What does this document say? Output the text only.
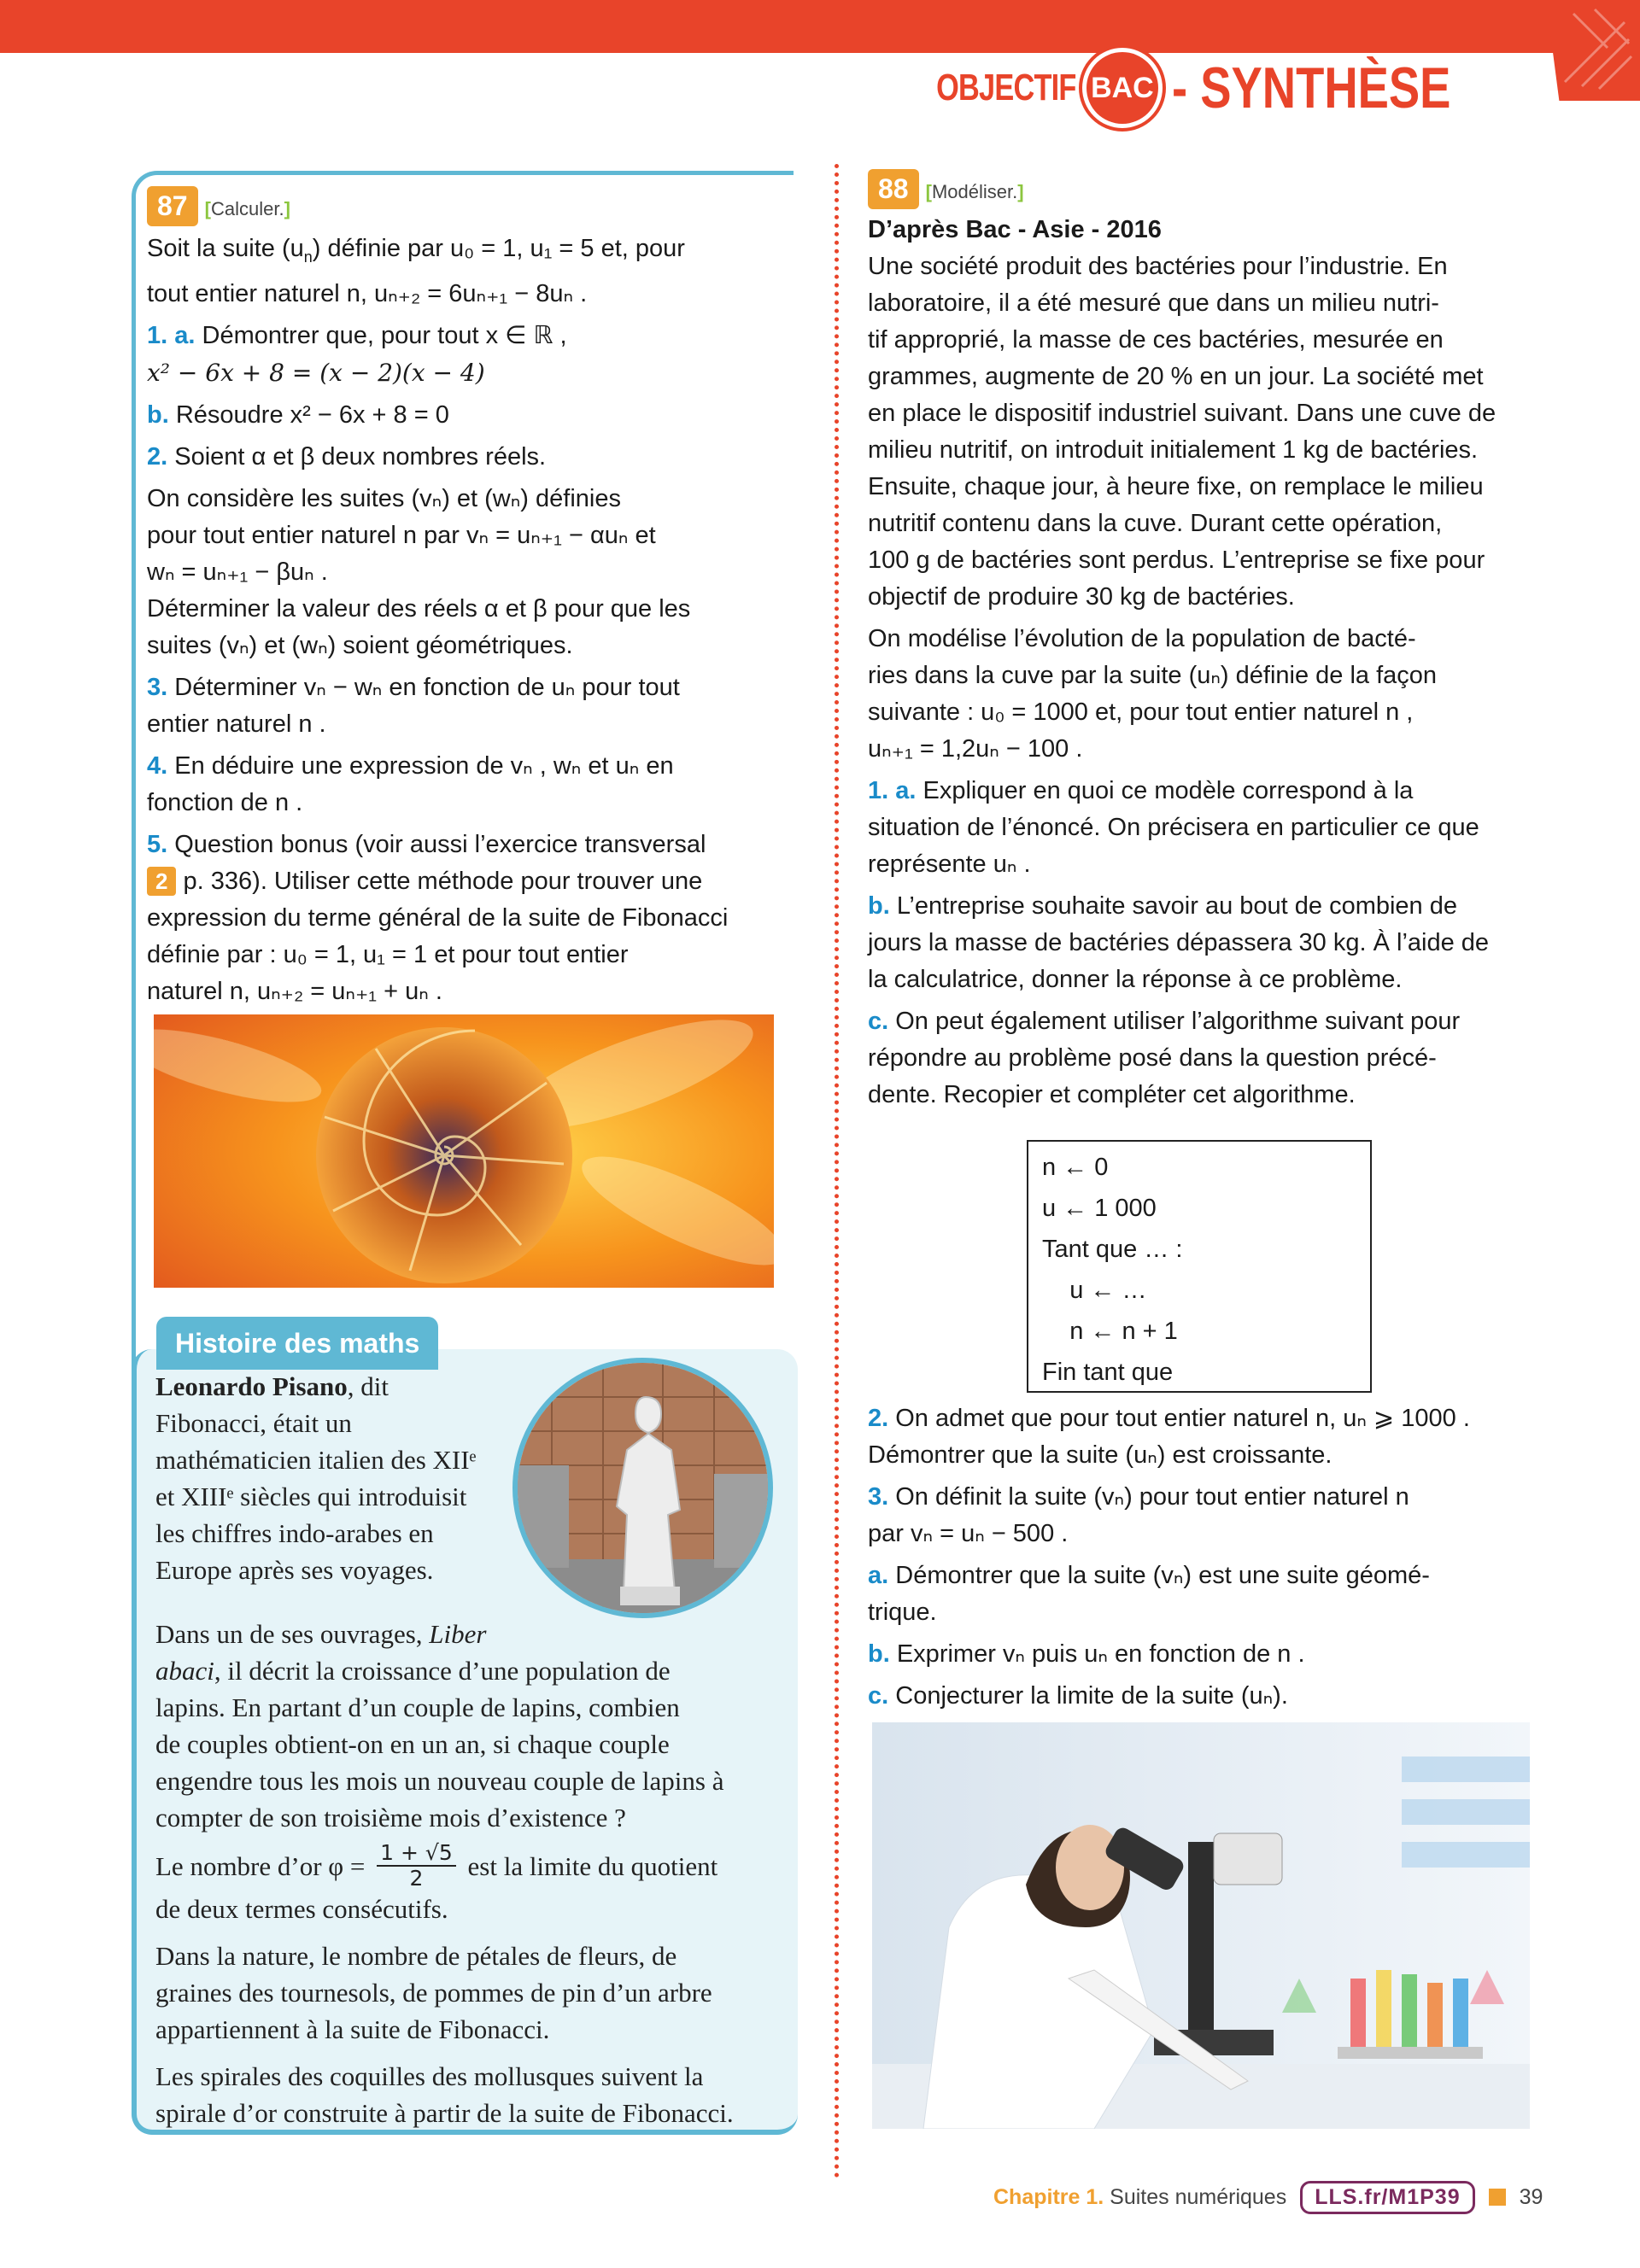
OBJECTIF BAC - SYNTHÈSE

87 [Calculer.]

Soit la suite $(u_n)$ définie par u₀ = 1, u₁ = 5 et, pour

tout entier naturel n, uₙ₊₂ = 6uₙ₊₁ − 8uₙ .

1. a. Démontrer que, pour tout x ∈ ℝ ,

x² − 6x + 8 = (x − 2)(x − 4)

b. Résoudre x² − 6x + 8 = 0

2. Soient α et β deux nombres réels.

On considère les suites (vₙ) et (wₙ) définies

pour tout entier naturel n par vₙ = uₙ₊₁ − αuₙ et

wₙ = uₙ₊₁ − βuₙ .

Déterminer la valeur des réels α et β pour que les

suites (vₙ) et (wₙ) soient géométriques.

3. Déterminer vₙ − wₙ en fonction de uₙ pour tout

entier naturel n .

4. En déduire une expression de vₙ , wₙ et uₙ en

fonction de n .

5. Question bonus (voir aussi l’exercice transversal

2 p. 336). Utiliser cette méthode pour trouver une

expression du terme général de la suite de Fibonacci

définie par : u₀ = 1, u₁ = 1 et pour tout entier

naturel n, uₙ₊₂ = uₙ₊₁ + uₙ .

Histoire des maths

Leonardo Pisano, dit

Fibonacci, était un

mathématicien italien des XIIᵉ

et XIIIᵉ siècles qui introduisit

les chiffres indo-arabes en

Europe après ses voyages.

Dans un de ses ouvrages, Liber

abaci, il décrit la croissance d’une population de

lapins. En partant d’un couple de lapins, combien

de couples obtient-on en un an, si chaque couple

engendre tous les mois un nouveau couple de lapins à

compter de son troisième mois d’existence ?

Le nombre d’or $\varphi = \frac{1 + √5}{2}$ est la limite du quotient

de deux termes consécutifs.

Dans la nature, le nombre de pétales de fleurs, de

graines des tournesols, de pommes de pin d’un arbre

appartiennent à la suite de Fibonacci.

Les spirales des coquilles des mollusques suivent la

spirale d’or construite à partir de la suite de Fibonacci.

88 [Modéliser.]

D’après Bac - Asie - 2016

Une société produit des bactéries pour l’industrie. En
laboratoire, il a été mesuré que dans un milieu nutri-
tif approprié, la masse de ces bactéries, mesurée en
grammes, augmente de 20 % en un jour. La société met
en place le dispositif industriel suivant. Dans une cuve de
milieu nutritif, on introduit initialement 1 kg de bactéries.
Ensuite, chaque jour, à heure fixe, on remplace le milieu
nutritif contenu dans la cuve. Durant cette opération,
100 g de bactéries sont perdus. L’entreprise se fixe pour
objectif de produire 30 kg de bactéries.
On modélise l’évolution de la population de bacté-
ries dans la cuve par la suite (uₙ) définie de la façon
suivante : u₀ = 1000 et, pour tout entier naturel n ,
uₙ₊₁ = 1,2uₙ − 100 .
1. a. Expliquer en quoi ce modèle correspond à la
situation de l’énoncé. On précisera en particulier ce que
représente uₙ .
b. L’entreprise souhaite savoir au bout de combien de
jours la masse de bactéries dépassera 30 kg. À l’aide de
la calculatrice, donner la réponse à ce problème.
c. On peut également utiliser l’algorithme suivant pour
répondre au problème posé dans la question précé-
dente. Recopier et compléter cet algorithme.
n ← 0
u ← 1 000
Tant que … :
u ← …
n ← n + 1
Fin tant que
2. On admet que pour tout entier naturel n, uₙ ⩾ 1000 .
Démontrer que la suite (uₙ) est croissante.
3. On définit la suite (vₙ) pour tout entier naturel n
par vₙ = uₙ − 500 .
a. Démontrer que la suite (vₙ) est une suite géomé-
trique.
b. Exprimer vₙ puis uₙ en fonction de n .
c. Conjecturer la limite de la suite (uₙ).
Chapitre 1. Suites numériques	LLS.fr/M1P39	39
